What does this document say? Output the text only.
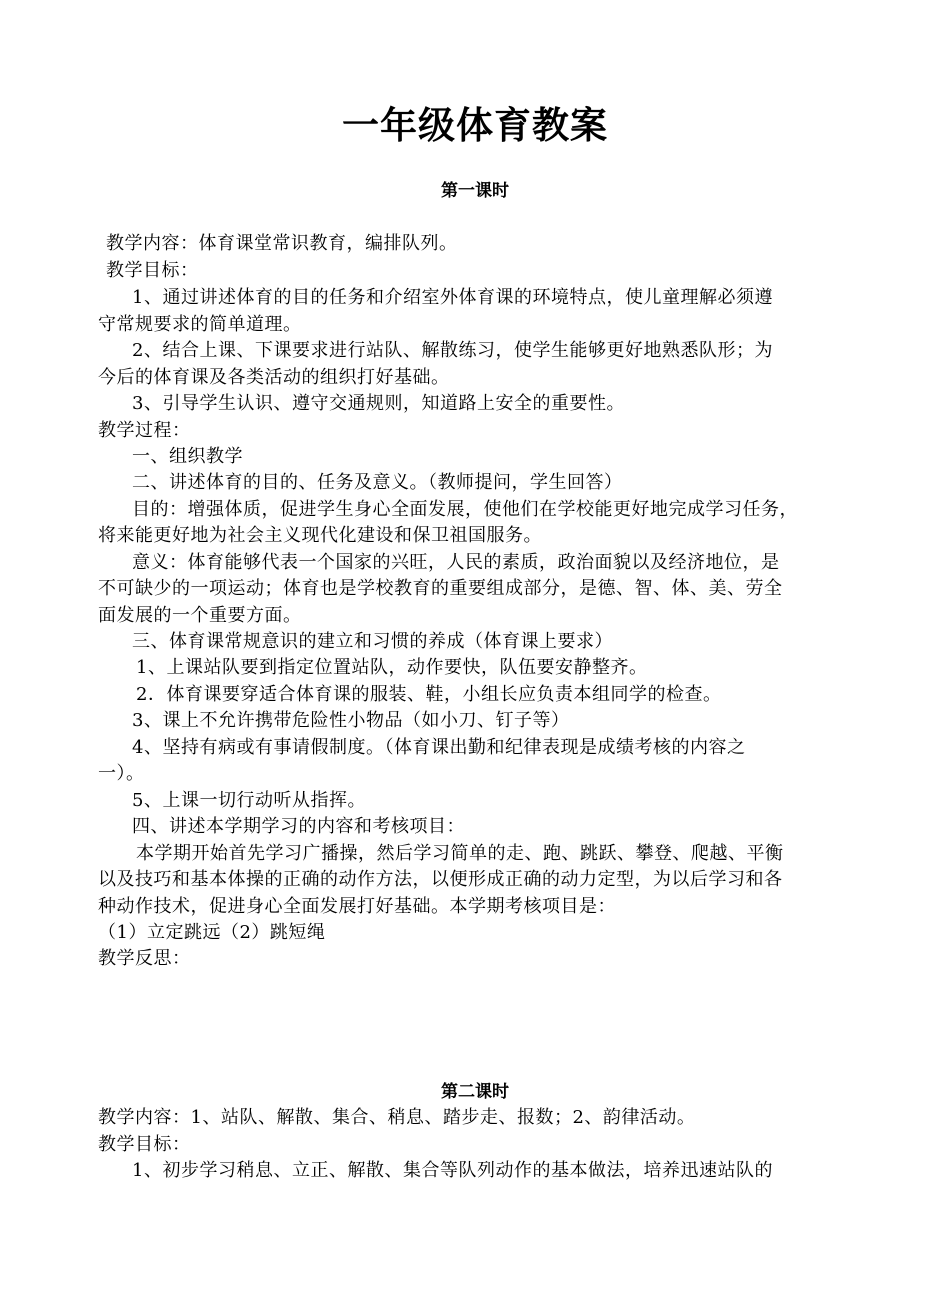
一年级体育教案
第一课时

教学内容：体育课堂常识教育，编排队列。

教学目标：

1、通过讲述体育的目的任务和介绍室外体育课的环境特点，使儿童理解必须遵

守常规要求的简单道理。

2、结合上课、下课要求进行站队、解散练习，使学生能够更好地熟悉队形；为

今后的体育课及各类活动的组织打好基础。

3、引导学生认识、遵守交通规则，知道路上安全的重要性。

教学过程：

一、组织教学

二、讲述体育的目的、任务及意义。（教师提问，学生回答）

目的：增强体质，促进学生身心全面发展，使他们在学校能更好地完成学习任务，

将来能更好地为社会主义现代化建设和保卫祖国服务。

意义：体育能够代表一个国家的兴旺，人民的素质，政治面貌以及经济地位，是

不可缺少的一项运动；体育也是学校教育的重要组成部分，是德、智、体、美、劳全

面发展的一个重要方面。

三、体育课常规意识的建立和习惯的养成（体育课上要求）

1、上课站队要到指定位置站队，动作要快，队伍要安静整齐。

2．体育课要穿适合体育课的服装、鞋，小组长应负责本组同学的检查。

3、课上不允许携带危险性小物品（如小刀、钉子等）

4、坚持有病或有事请假制度。（体育课出勤和纪律表现是成绩考核的内容之

一）。

5、上课一切行动听从指挥。

四、讲述本学期学习的内容和考核项目：

本学期开始首先学习广播操，然后学习简单的走、跑、跳跃、攀登、爬越、平衡

以及技巧和基本体操的正确的动作方法，以便形成正确的动力定型，为以后学习和各

种动作技术，促进身心全面发展打好基础。本学期考核项目是：

（1）立定跳远（2）跳短绳

教学反思：

第二课时

教学内容：1、站队、解散、集合、稍息、踏步走、报数；2、韵律活动。

教学目标：

1、初步学习稍息、立正、解散、集合等队列动作的基本做法，培养迅速站队的
